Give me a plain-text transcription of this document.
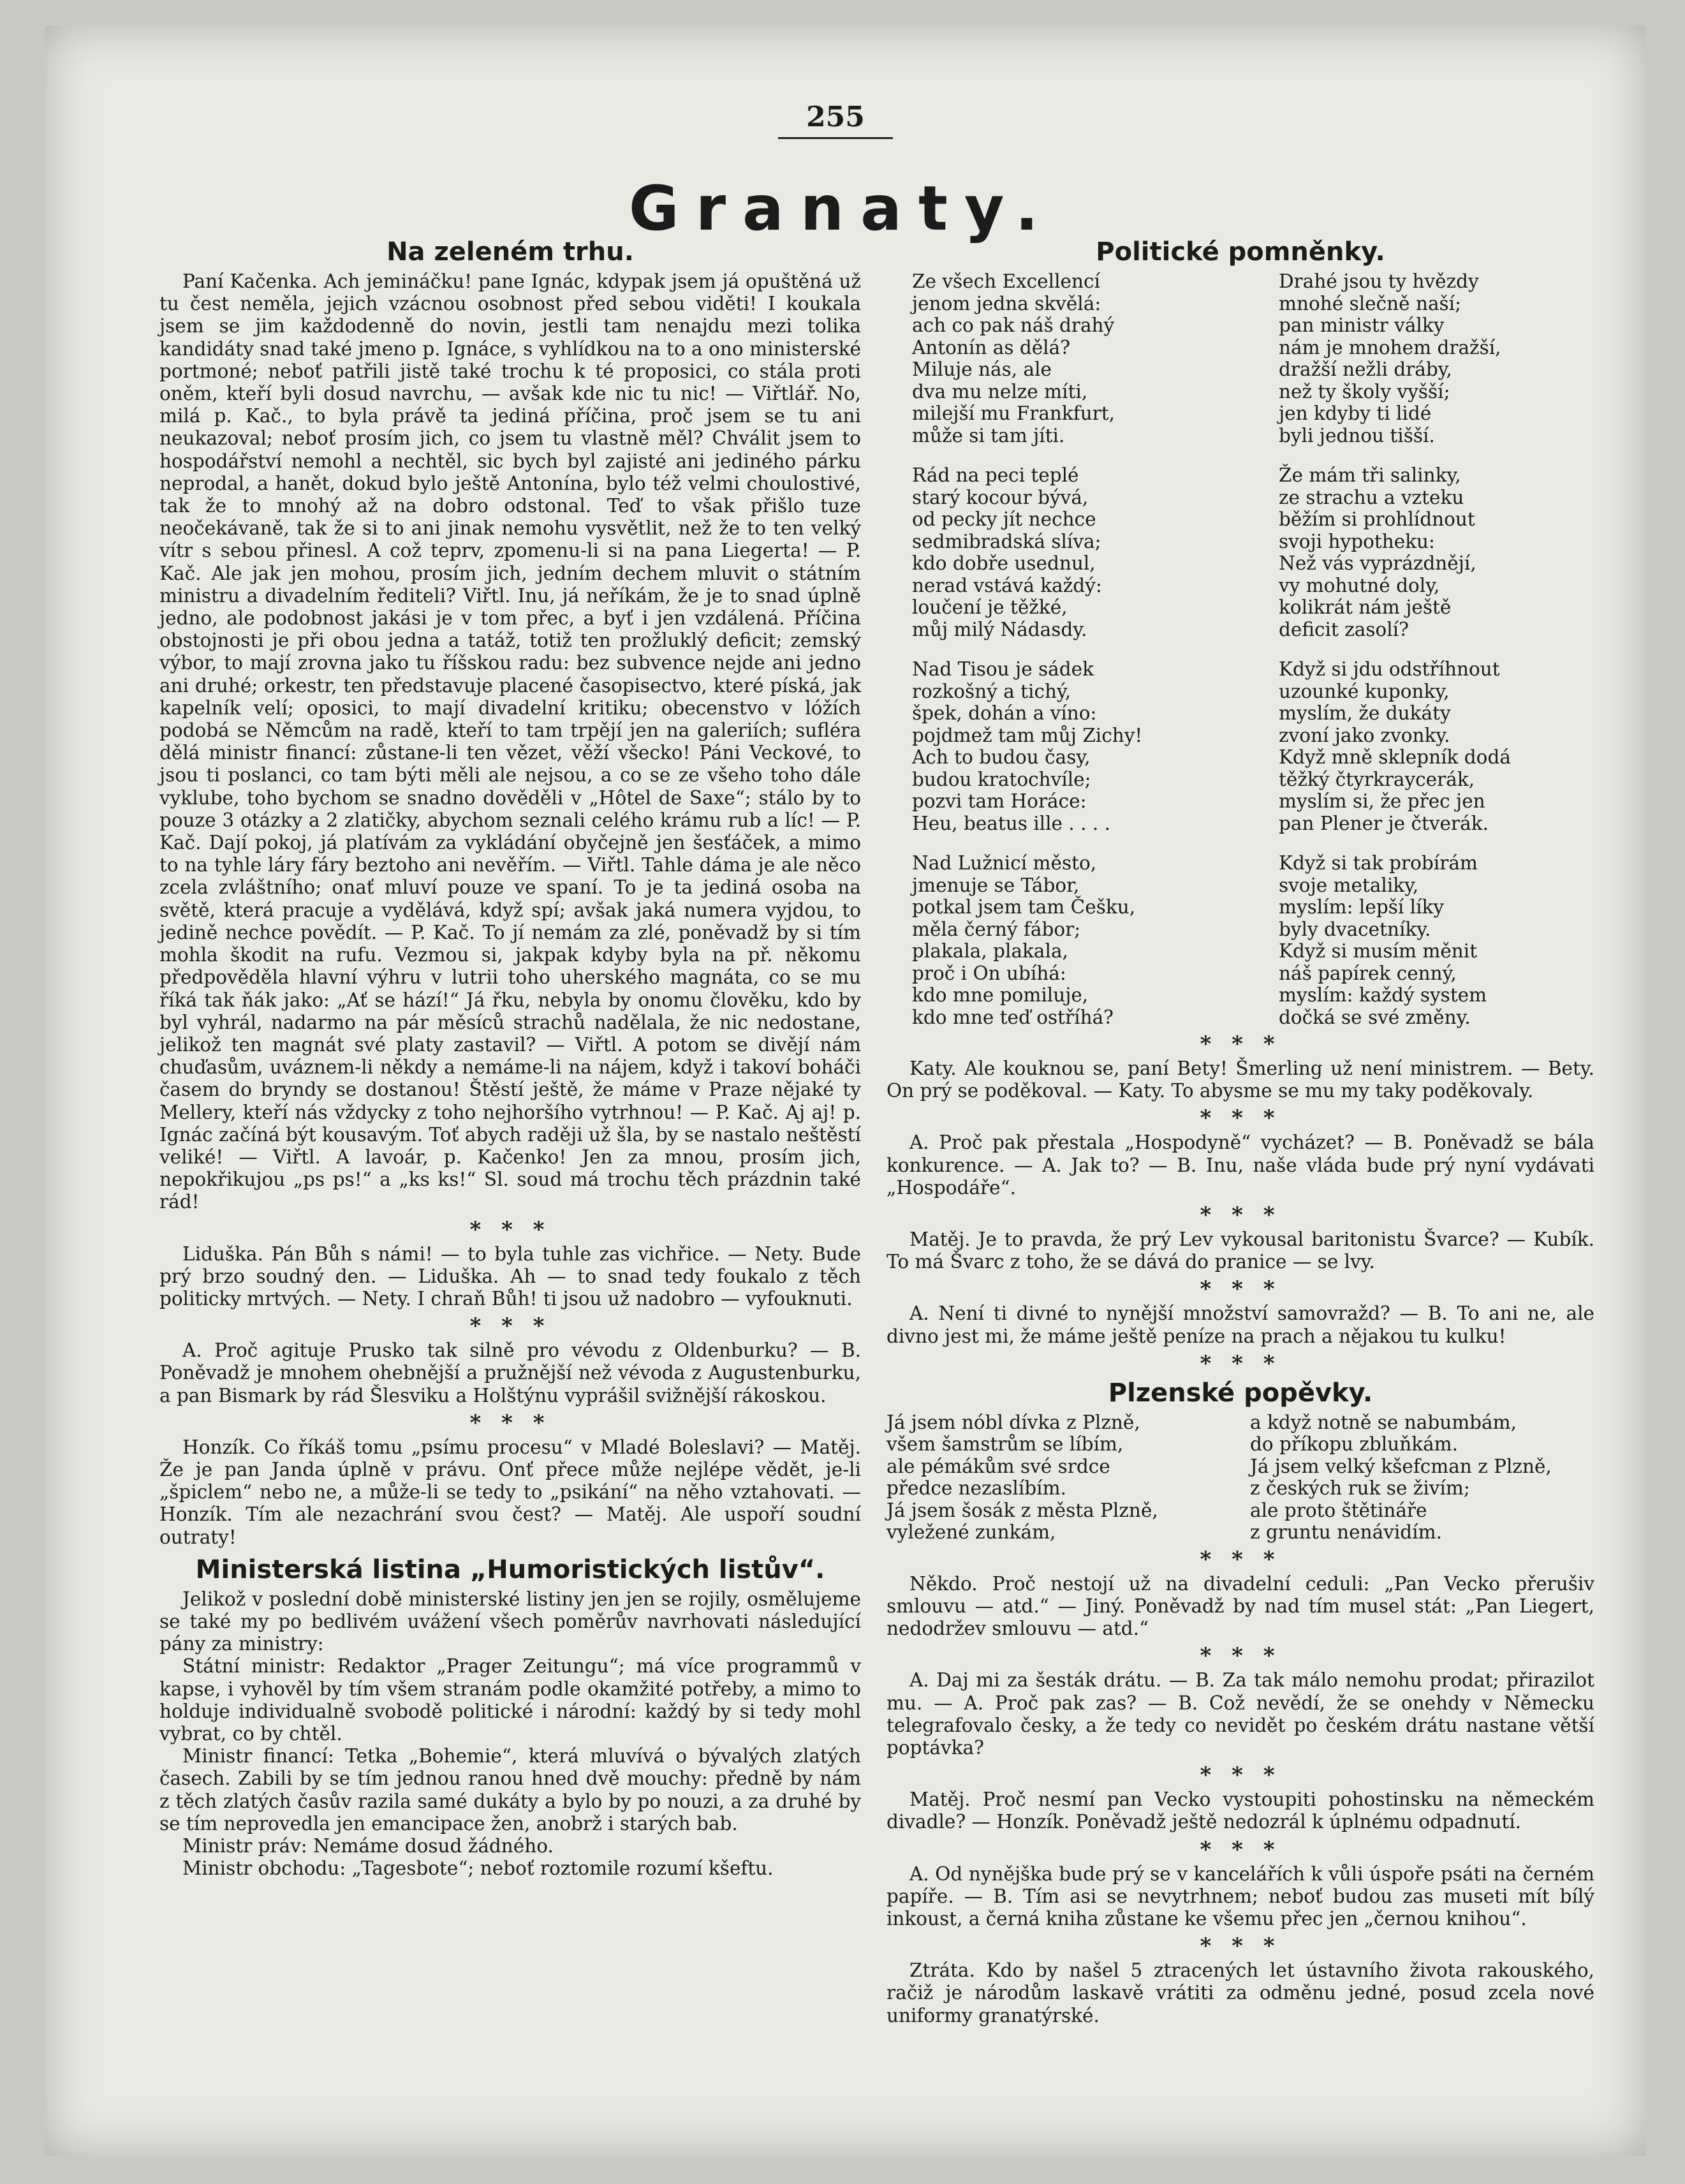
255
Granaty.
Na zeleném trhu.

Paní Kačenka. Ach jemináčku! pane Ignác, kdypak jsem já opuštěná už tu čest neměla, jejich vzácnou osobnost před sebou viděti! I koukala jsem se jim každodenně do novin, jestli tam nenajdu mezi tolika kandidáty snad také jmeno p. Ignáce, s vyhlídkou na to a ono ministerské portmoné; neboť patřili jistě také trochu k té proposici, co stála proti oněm, kteří byli dosud navrchu, — avšak kde nic tu nic! — Viřtlář. No, milá p. Kač., to byla právě ta jediná příčina, proč jsem se tu ani neukazoval; neboť prosím jich, co jsem tu vlastně měl? Chválit jsem to hospodářství nemohl a nechtěl, sic bych byl zajisté ani jediného párku neprodal, a hanět, dokud bylo ještě Antonína, bylo též velmi choulostivé, tak že to mnohý až na dobro odstonal. Teď to však přišlo tuze neočekávaně, tak že si to ani jinak nemohu vysvětlit, než že to ten velký vítr s sebou přinesl. A což teprv, zpomenu-li si na pana Liegerta! — P. Kač. Ale jak jen mohou, prosím jich, jedním dechem mluvit o státním ministru a divadelním řediteli? Viřtl. Inu, já neříkám, že je to snad úplně jedno, ale podobnost jakási je v tom přec, a byť i jen vzdálená. Příčina obstojnosti je při obou jedna a tatáž, totiž ten prožluklý deficit; zemský výbor, to mají zrovna jako tu říšskou radu: bez subvence nejde ani jedno ani druhé; orkestr, ten představuje placené časopisectvo, které píská, jak kapelník velí; oposici, to mají divadelní kritiku; obecenstvo v lóžích podobá se Němcům na radě, kteří to tam trpějí jen na galeriích; sufléra dělá ministr financí: zůstane-li ten vězet, věží všecko! Páni Veckové, to jsou ti poslanci, co tam býti měli ale nejsou, a co se ze všeho toho dále vyklube, toho bychom se snadno dověděli v „Hôtel de Saxe“; stálo by to pouze 3 otázky a 2 zlatičky, abychom seznali celého krámu rub a líc! — P. Kač. Dají pokoj, já platívám za vykládání obyčejně jen šesťáček, a mimo to na tyhle láry fáry beztoho ani nevěřím. — Viřtl. Tahle dáma je ale něco zcela zvláštního; onať mluví pouze ve spaní. To je ta jediná osoba na světě, která pracuje a vydělává, když spí; avšak jaká numera vyjdou, to jedině nechce povědít. — P. Kač. To jí nemám za zlé, poněvadž by si tím mohla škodit na rufu. Vezmou si, jakpak kdyby byla na př. někomu předpověděla hlavní výhru v lutrii toho uherského magnáta, co se mu říká tak ňák jako: „Ať se hází!“ Já řku, nebyla by onomu člověku, kdo by byl vyhrál, nadarmo na pár měsíců strachů nadělala, že nic nedostane, jelikož ten magnát své platy zastavil? — Viřtl. A potom se divějí nám chuďasům, uváznem-li někdy a nemáme-li na nájem, když i takoví boháči časem do bryndy se dostanou! Štěstí ještě, že máme v Praze nějaké ty Mellery, kteří nás vždycky z toho nejhoršího vytrhnou! — P. Kač. Aj aj! p. Ignác začíná být kousavým. Toť abych raději už šla, by se nastalo neštěstí veliké! — Viřtl. A lavoár, p. Kačenko! Jen za mnou, prosím jich, nepokřikujou „ps ps!“ a „ks ks!“ Sl. soud má trochu těch prázdnin také rád!

* * *

Liduška. Pán Bůh s námi! — to byla tuhle zas vichřice. — Nety. Bude prý brzo soudný den. — Liduška. Ah — to snad tedy foukalo z těch politicky mrtvých. — Nety. I chraň Bůh! ti jsou už nadobro — vyfouknuti.

* * *

A. Proč agituje Prusko tak silně pro vévodu z Oldenburku? — B. Poněvadž je mnohem ohebnější a pružnější než vévoda z Augustenburku, a pan Bismark by rád Šlesviku a Holštýnu vyprášil svižnější rákoskou.

* * *

Honzík. Co říkáš tomu „psímu procesu“ v Mladé Boleslavi? — Matěj. Že je pan Janda úplně v právu. Onť přece může nejlépe vědět, je-li „špiclem“ nebo ne, a může-li se tedy to „psikání“ na něho vztahovati. — Honzík. Tím ale nezachrání svou čest? — Matěj. Ale uspoří soudní outraty!

Ministerská listina „Humoristických listův“.

Jelikož v poslední době ministerské listiny jen jen se rojily, osmělujeme se také my po bedlivém uvážení všech poměrův navrhovati následující pány za ministry:

Státní ministr: Redaktor „Prager Zeitungu“; má více programmů v kapse, i vyhověl by tím všem stranám podle okamžité potřeby, a mimo to holduje individualně svobodě politické i národní: každý by si tedy mohl vybrat, co by chtěl.

Ministr financí: Tetka „Bohemie“, která mluvívá o bývalých zlatých časech. Zabili by se tím jednou ranou hned dvě mouchy: předně by nám z těch zlatých časův razila samé dukáty a bylo by po nouzi, a za druhé by se tím neprovedla jen emancipace žen, anobrž i starých bab.

Ministr práv: Nemáme dosud žádného.

Ministr obchodu: „Tagesbote“; neboť roztomile rozumí kšeftu.

Politické pomněnky.
Ze všech Excellencí
jenom jedna skvělá:
ach co pak náš drahý
Antonín as dělá?
Miluje nás, ale
dva mu nelze míti,
milejší mu Frankfurt,
může si tam jíti.
Drahé jsou ty hvězdy
mnohé slečně naší;
pan ministr války
nám je mnohem dražší,
dražší nežli dráby,
než ty školy vyšší;
jen kdyby ti lidé
byli jednou tišší.
Rád na peci teplé
starý kocour bývá,
od pecky jít nechce
sedmibradská slíva;
kdo dobře usednul,
nerad vstává každý:
loučení je těžké,
můj milý Nádasdy.
Že mám tři salinky,
ze strachu a vzteku
běžím si prohlídnout
svoji hypotheku:
Než vás vyprázdnějí,
vy mohutné doly,
kolikrát nám ještě
deficit zasolí?
Nad Tisou je sádek
rozkošný a tichý,
špek, dohán a víno:
pojdmež tam můj Zichy!
Ach to budou časy,
budou kratochvíle;
pozvi tam Horáce:
Heu, beatus ille . . . .
Když si jdu odstříhnout
uzounké kuponky,
myslím, že dukáty
zvoní jako zvonky.
Když mně sklepník dodá
těžký čtyrkraycerák,
myslím si, že přec jen
pan Plener je čtverák.
Nad Lužnicí město,
jmenuje se Tábor,
potkal jsem tam Češku,
měla černý fábor;
plakala, plakala,
proč i On ubíhá:
kdo mne pomiluje,
kdo mne teď ostříhá?
Když si tak probírám
svoje metaliky,
myslím: lepší líky
byly dvacetníky.
Když si musím měnit
náš papírek cenný,
myslím: každý system
dočká se své změny.
* * *

Katy. Ale kouknou se, paní Bety! Šmerling už není ministrem. — Bety. On prý se poděkoval. — Katy. To abysme se mu my taky poděkovaly.

* * *

A. Proč pak přestala „Hospodyně“ vycházet? — B. Poněvadž se bála konkurence. — A. Jak to? — B. Inu, naše vláda bude prý nyní vydávati „Hospodáře“.

* * *

Matěj. Je to pravda, že prý Lev vykousal baritonistu Švarce? — Kubík. To má Švarc z toho, že se dává do pranice — se lvy.

* * *

A. Není ti divné to nynější množství samovražd? — B. To ani ne, ale divno jest mi, že máme ještě peníze na prach a nějakou tu kulku!

* * *
Plzenské popěvky.
Já jsem nóbl dívka z Plzně,
všem šamstrům se líbím,
ale pémákům své srdce
předce nezaslíbím.
Já jsem šosák z města Plzně,
vyležené zunkám,
a když notně se nabumbám,
do příkopu zbluňkám.
Já jsem velký kšefcman z Plzně,
z českých ruk se živím;
ale proto štětináře
z gruntu nenávidím.
* * *

Někdo. Proč nestojí už na divadelní ceduli: „Pan Vecko přerušiv smlouvu — atd.“ — Jiný. Poněvadž by nad tím musel stát: „Pan Liegert, nedodržev smlouvu — atd.“

* * *

A. Daj mi za šesták drátu. — B. Za tak málo nemohu prodat; přirazilot mu. — A. Proč pak zas? — B. Což nevědí, že se onehdy v Německu telegrafovalo česky, a že tedy co nevidět po českém drátu nastane větší poptávka?

* * *

Matěj. Proč nesmí pan Vecko vystoupiti pohostinsku na německém divadle? — Honzík. Poněvadž ještě nedozrál k úplnému odpadnutí.

* * *

A. Od nynějška bude prý se v kancelářích k vůli úspoře psáti na černém papíře. — B. Tím asi se nevytrhnem; neboť budou zas museti mít bílý inkoust, a černá kniha zůstane ke všemu přec jen „černou knihou“.

* * *

Ztráta. Kdo by našel 5 ztracených let ústavního života rakouského, račiž je národům laskavě vrátiti za odměnu jedné, posud zcela nové uniformy granatýrské.
